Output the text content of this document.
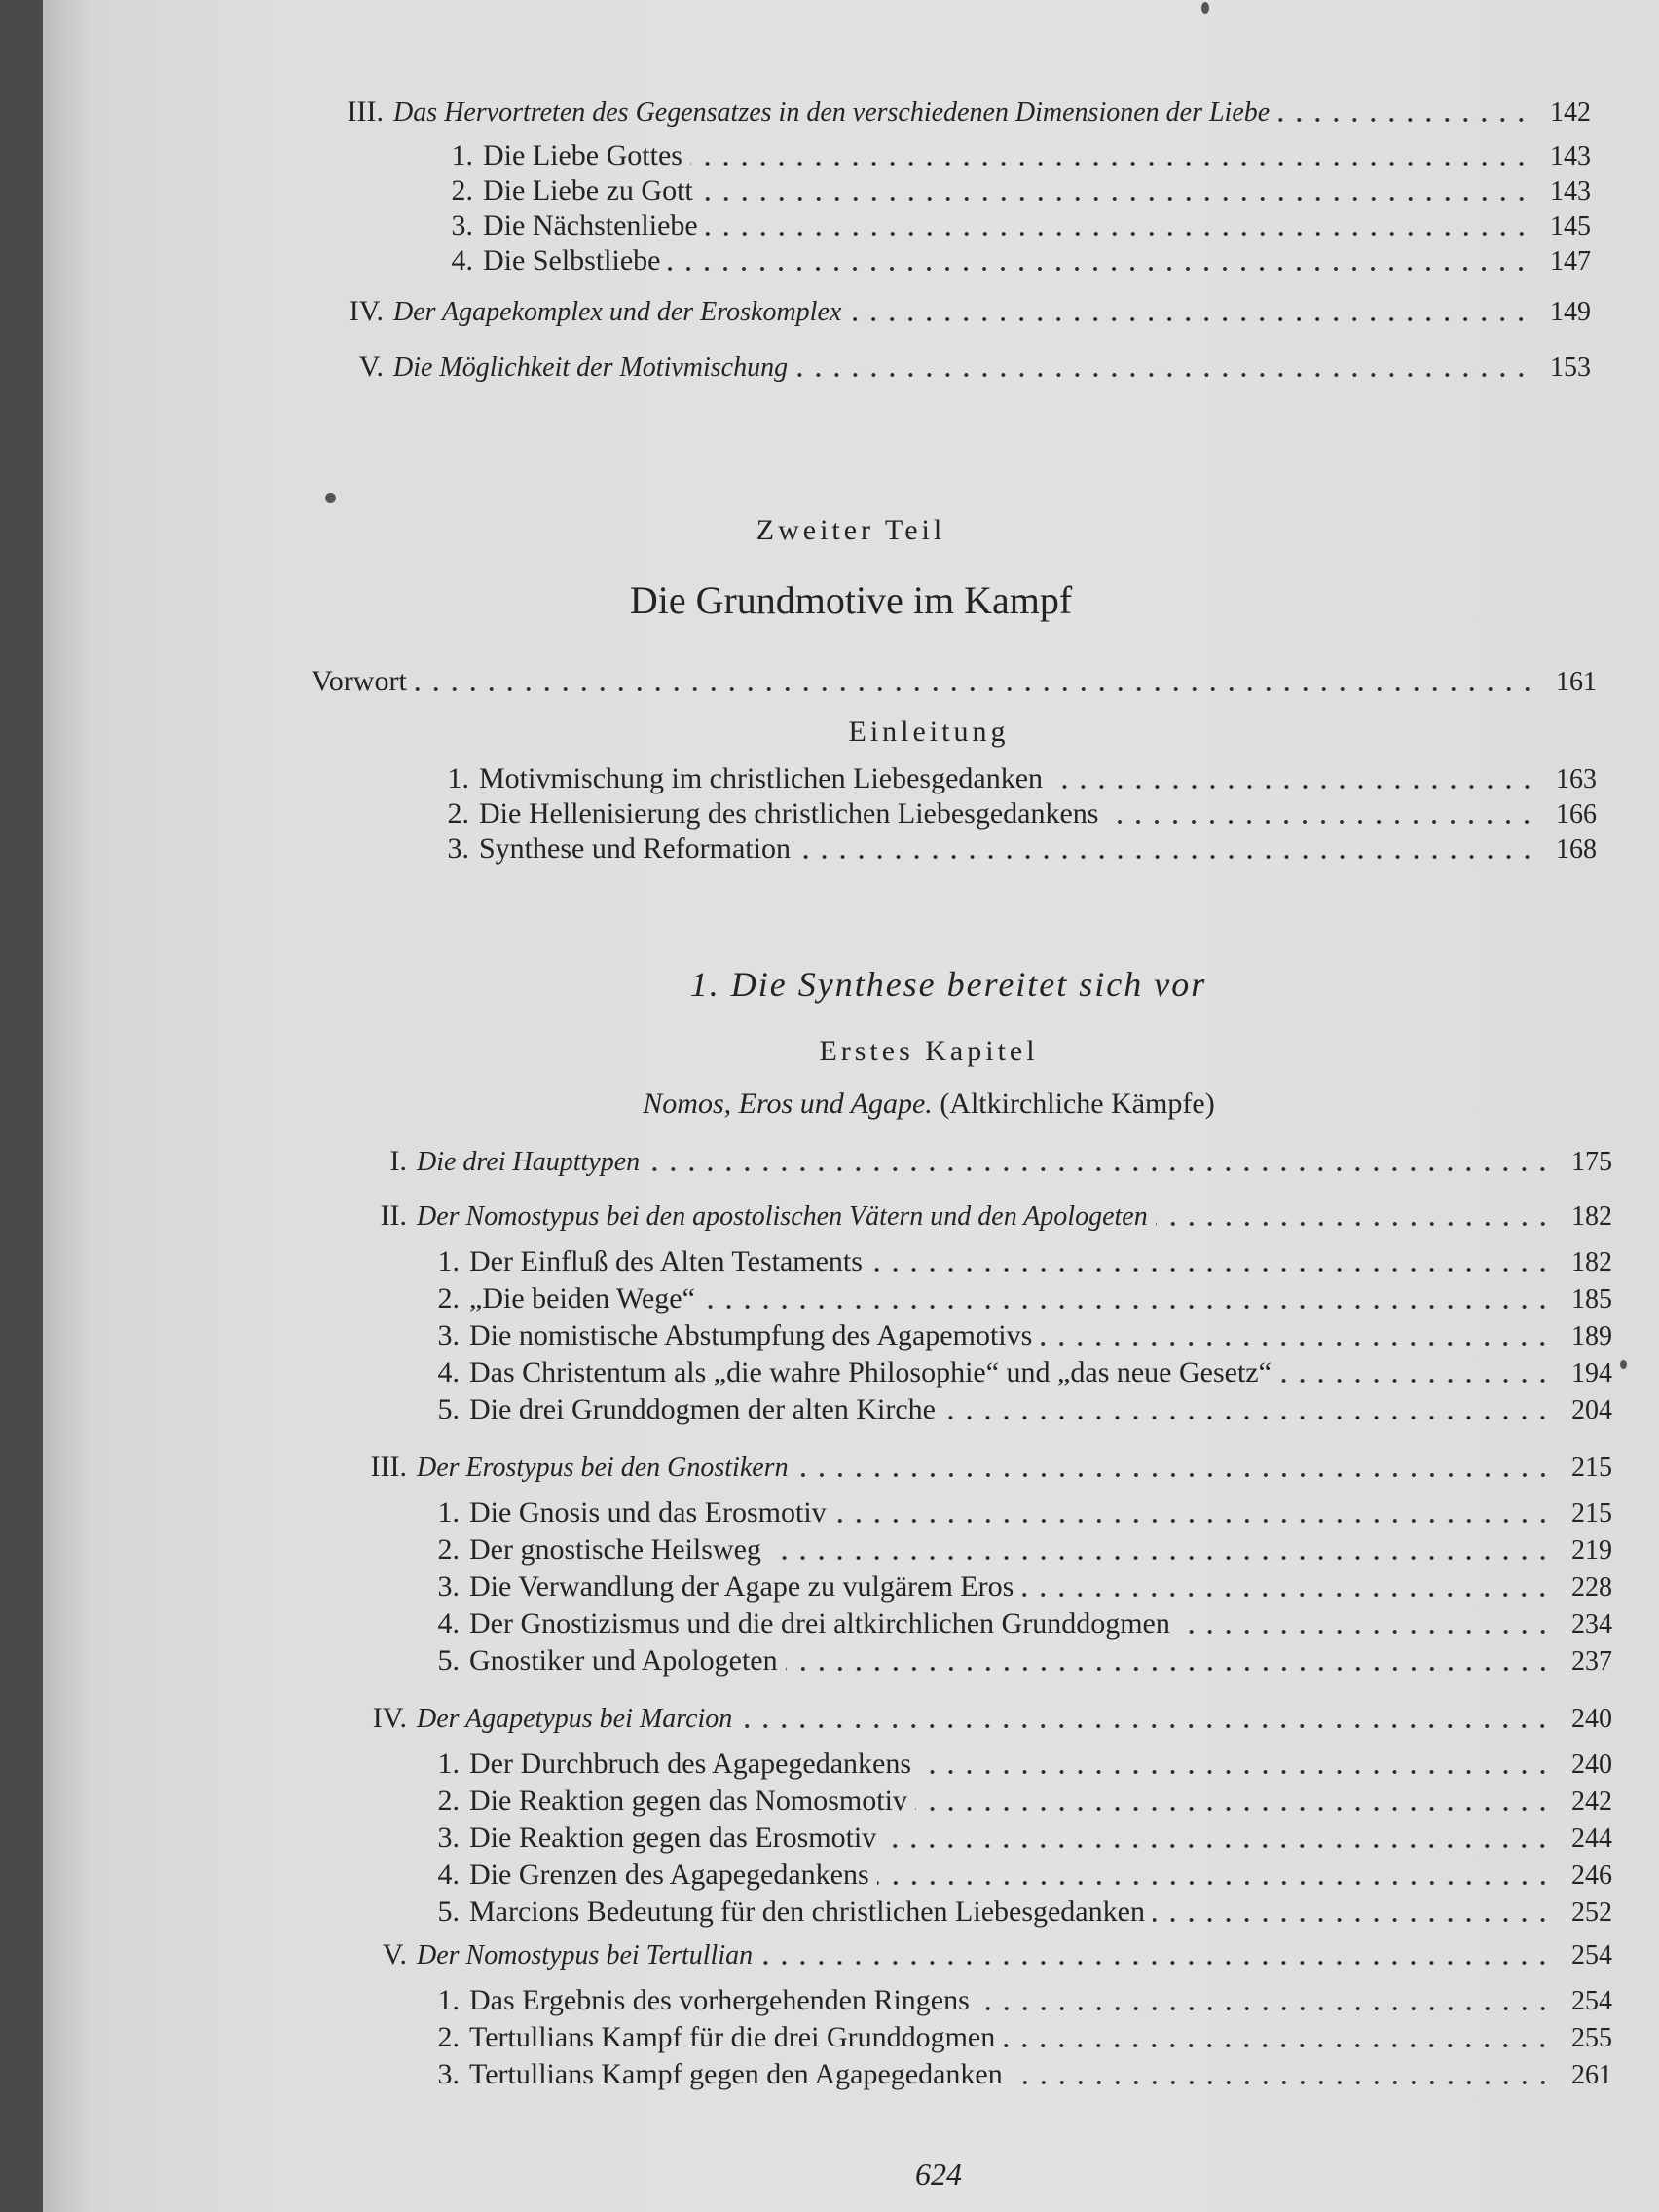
III. Das Hervortreten des Gegensatzes in den verschiedenen Dimensionen der Liebe	142
1. Die Liebe Gottes	143
2. Die Liebe zu Gott	143
3. Die Nächstenliebe	145
4. Die Selbstliebe	147
IV. Der Agapekomplex und der Eroskomplex	149
V. Die Möglichkeit der Motivmischung	153
Zweiter Teil
Die Grundmotive im Kampf
Vorwort	161
Einleitung
1. Motivmischung im christlichen Liebesgedanken	163
2. Die Hellenisierung des christlichen Liebesgedankens	166
3. Synthese und Reformation	168
1. Die Synthese bereitet sich vor
Erstes Kapitel
Nomos, Eros und Agape. (Altkirchliche Kämpfe)
I. Die drei Haupttypen	175
II. Der Nomostypus bei den apostolischen Vätern und den Apologeten	182
1. Der Einfluß des Alten Testaments	182
2. „Die beiden Wege“	185
3. Die nomistische Abstumpfung des Agapemotivs	189
4. Das Christentum als „die wahre Philosophie“ und „das neue Gesetz“	194
5. Die drei Grunddogmen der alten Kirche	204
III. Der Erostypus bei den Gnostikern	215
1. Die Gnosis und das Erosmotiv	215
2. Der gnostische Heilsweg	219
3. Die Verwandlung der Agape zu vulgärem Eros	228
4. Der Gnostizismus und die drei altkirchlichen Grunddogmen	234
5. Gnostiker und Apologeten	237
IV. Der Agapetypus bei Marcion	240
1. Der Durchbruch des Agapegedankens	240
2. Die Reaktion gegen das Nomosmotiv	242
3. Die Reaktion gegen das Erosmotiv	244
4. Die Grenzen des Agapegedankens	246
5. Marcions Bedeutung für den christlichen Liebesgedanken	252
V. Der Nomostypus bei Tertullian	254
1. Das Ergebnis des vorhergehenden Ringens	254
2. Tertullians Kampf für die drei Grunddogmen	255
3. Tertullians Kampf gegen den Agapegedanken	261
624
